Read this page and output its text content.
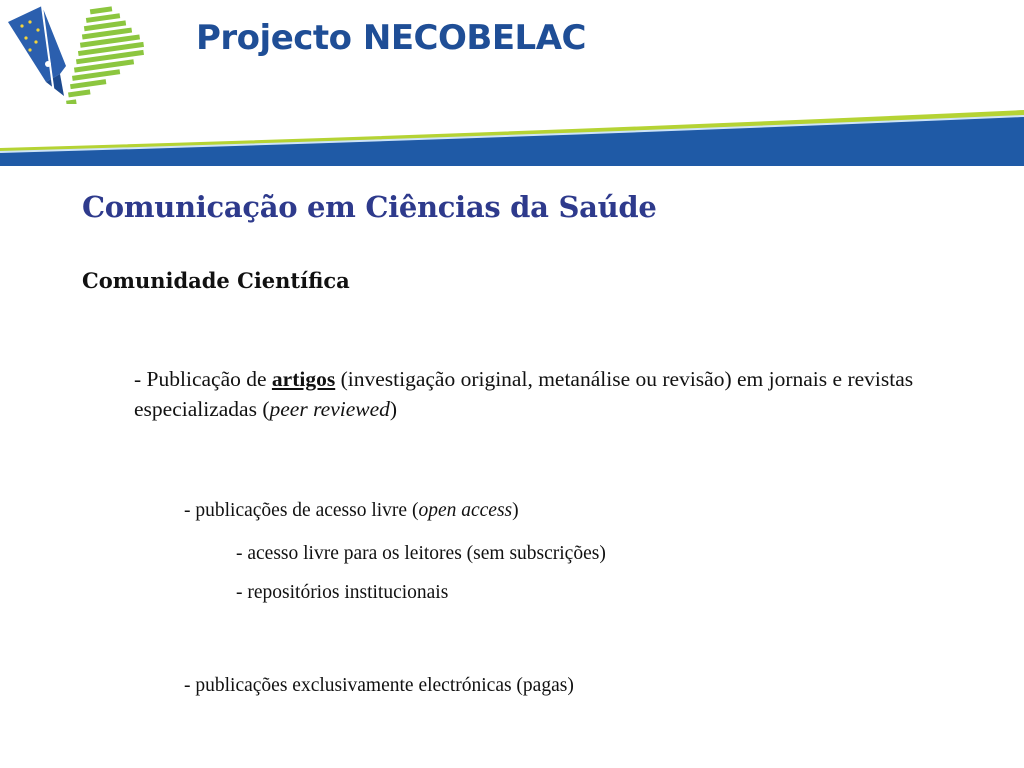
Projecto NECOBELAC
Comunicação em Ciências da Saúde
Comunidade Científica

- Publicação de artigos (investigação original, metanálise ou revisão) em jornais e revistas especializadas (peer reviewed)

- publicações de acesso livre (open access)

- acesso livre para os leitores (sem subscrições)

- repositórios institucionais

- publicações exclusivamente electrónicas (pagas)
